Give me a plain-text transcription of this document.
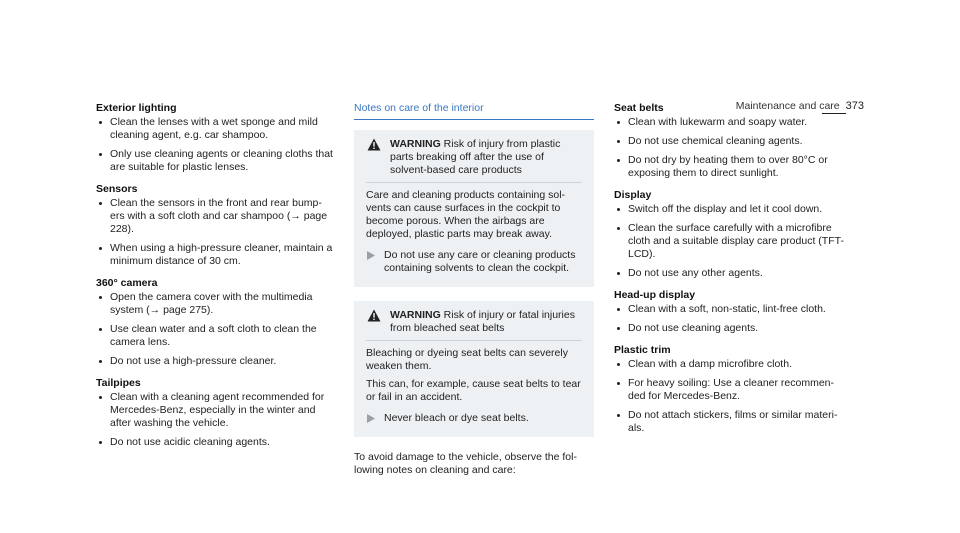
Maintenance and care 373
Exterior lighting
Clean the lenses with a wet sponge and mild cleaning agent, e.g. car shampoo.
Only use cleaning agents or cleaning cloths that are suitable for plastic lenses.
Sensors
Clean the sensors in the front and rear bump- ers with a soft cloth and car shampoo (→ page 228).
When using a high-pressure cleaner, maintain a minimum distance of 30 cm.
360° camera
Open the camera cover with the multimedia system (→ page 275).
Use clean water and a soft cloth to clean the camera lens.
Do not use a high-pressure cleaner.
Tailpipes
Clean with a cleaning agent recommended for Mercedes-Benz, especially in the winter and after washing the vehicle.
Do not use acidic cleaning agents.
Notes on care of the interior
WARNING Risk of injury from plastic parts breaking off after the use of solvent-based care products

Care and cleaning products containing sol- vents can cause surfaces in the cockpit to become porous. When the airbags are deployed, plastic parts may break away.

Do not use any care or cleaning products containing solvents to clean the cockpit.
WARNING Risk of injury or fatal injuries from bleached seat belts

Bleaching or dyeing seat belts can severely weaken them.

This can, for example, cause seat belts to tear or fail in an accident.

Never bleach or dye seat belts.

To avoid damage to the vehicle, observe the fol- lowing notes on cleaning and care:

Seat belts
Clean with lukewarm and soapy water.
Do not use chemical cleaning agents.
Do not dry by heating them to over 80°C or exposing them to direct sunlight.
Display
Switch off the display and let it cool down.
Clean the surface carefully with a microfibre cloth and a suitable display care product (TFT- LCD).
Do not use any other agents.
Head-up display
Clean with a soft, non-static, lint-free cloth.
Do not use cleaning agents.
Plastic trim
Clean with a damp microfibre cloth.
For heavy soiling: Use a cleaner recommen- ded for Mercedes-Benz.
Do not attach stickers, films or similar materi- als.
